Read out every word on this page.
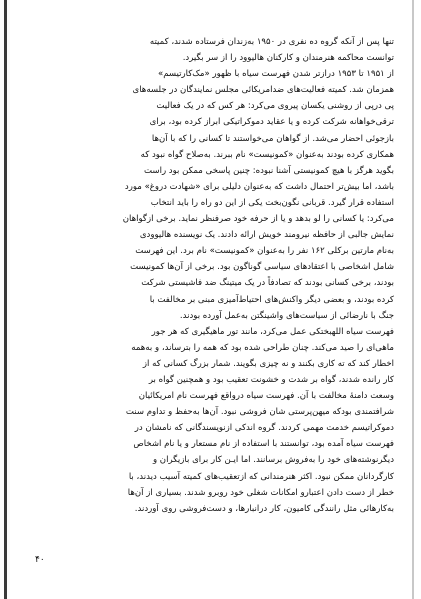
تنها پس از آنکه گروه ده نفری در ۱۹۵۰ به‌زندان فرستاده شدند، کمیته
توانست محاکمه هنرمندان و کارکنان هالیوود را از سر بگیرد.
از ۱۹۵۱ تا ۱۹۵۳ درازتر شدن فهرست سیاه با ظهور «مک‌کارتیسم»
همزمان شد. کمیته فعالیت‌های ضدامریکائی مجلس نمایندگان در جلسه‌های
پی درپی از روشنی یکسان پیروی می‌کرد: هر کس که در یک فعالیت
ترقی‌خواهانه شرکت کرده و یا عقاید دموکراتیکی ابراز کرده بود، برای
بازجوئی احضار می‌شد. از گواهان می‌خواستند تا کسانی را که با آن‌ها
همکاری کرده بودند به‌عنوان «کمونیست» نام ببرند. به‌صلاح گواه نبود که
بگوید هرگز با هیچ کمونیستی آشنا نبوده: چنین پاسخی ممکن بود راست
باشد، اما بیش‌تر احتمال داشت که به‌عنوان دلیلی برای «شهادت دروغ» مورد
استفاده قرار گیرد. قربانی نگون‌بخت یکی از این دو راه را باید انتخاب
می‌کرد: یا کسانی را لو بدهد و یا از حرفه خود صرفنظر نماید. برخی ازگواهان
نمایش جالبی از حافظه نیرومند خویش ارائه دادند. یک نویسنده هالیوودی
به‌نام مارتین برکلی ۱۶۲ نفر را به‌عنوان «کمونیست» نام برد. این فهرست
شامل اشخاصی با اعتقادهای سیاسی گوناگون بود. برخی از آن‌ها کمونیست
بودند، برخی کسانی بودند که تصادفاً در یک میتینگ ضد فاشیستی شرکت
کرده بودند، و بعضی دیگر واکنش‌های احتیاط‌آمیزی مبنی بر مخالفت با
جنگ با نارضائی از سیاست‌های واشینگتن به‌عمل آورده بودند.

فهرست سیاه اللهبختکی عمل می‌کرد، مانند تور ماهیگیری که هر جور
ماهی‌ای را صید می‌کند. چنان طراحی شده بود که همه را بترساند، و به‌همه
اخطار کند که ته کاری بکنند و نه چیزی بگویند. شمار بزرگ کسانی که از
کار رانده شدند، گواه بر شدت و خشونت تعقیب بود و همچنین گواه بر
وسعت دامنهٔ مخالفت با آن. فهرست سیاه درواقع فهرست نام امریکائیان
شرافتمندی بودکه میهن‌پرستی شان فروشی نبود. آن‌ها به‌حفظ و تداوم سنت
دموکراتیسم خدمت مهمی کردند. گروه اندکی ازنویسندگانی که نامشان در
فهرست سیاه آمده بود، توانستند با استفاده از نام مستعار و یا نام اشخاص
دیگرنوشته‌های خود را به‌فروش برسانند. اما ایـن کار برای بازیگران و
کارگردانان ممکن نبود. اکثر هنرمندانی که ازتعقیب‌های کمیته آسیب دیدند، با
خطر از دست دادن اعتبارو امکانات شغلی خود روبرو شدند. بسیاری از آن‌ها
به‌کارهائی مثل رانندگی کامیون، کار درانبارها، و دست‌فروشی روی آوردند.

۴۰
